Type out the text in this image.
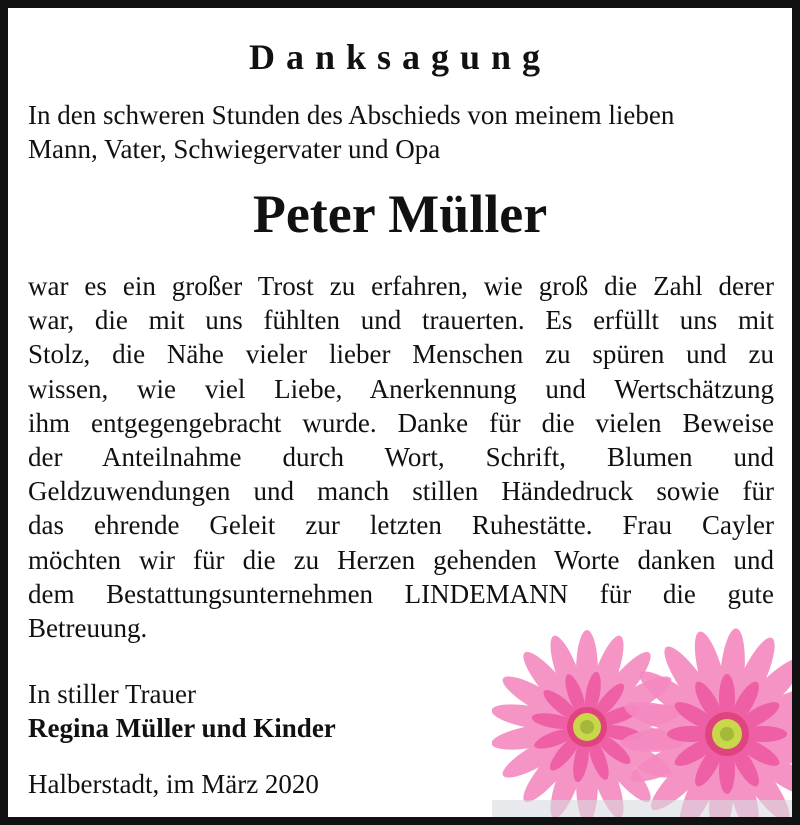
Danksagung
In den schweren Stunden des Abschieds von meinem lieben
Mann, Vater, Schwiegervater und Opa
Peter Müller
war es ein großer Trost zu erfahren, wie groß die Zahl derer
war, die mit uns fühlten und trauerten. Es erfüllt uns mit
Stolz, die Nähe vieler lieber Menschen zu spüren und zu
wissen, wie viel Liebe, Anerkennung und Wertschätzung
ihm entgegengebracht wurde. Danke für die vielen Beweise
der Anteilnahme durch Wort, Schrift, Blumen und
Geldzuwendungen und manch stillen Händedruck sowie für
das ehrende Geleit zur letzten Ruhestätte. Frau Cayler
möchten wir für die zu Herzen gehenden Worte danken und
dem Bestattungsunternehmen LINDEMANN für die gute
Betreuung.
In stiller Trauer
Regina Müller und Kinder
Halberstadt, im März 2020
